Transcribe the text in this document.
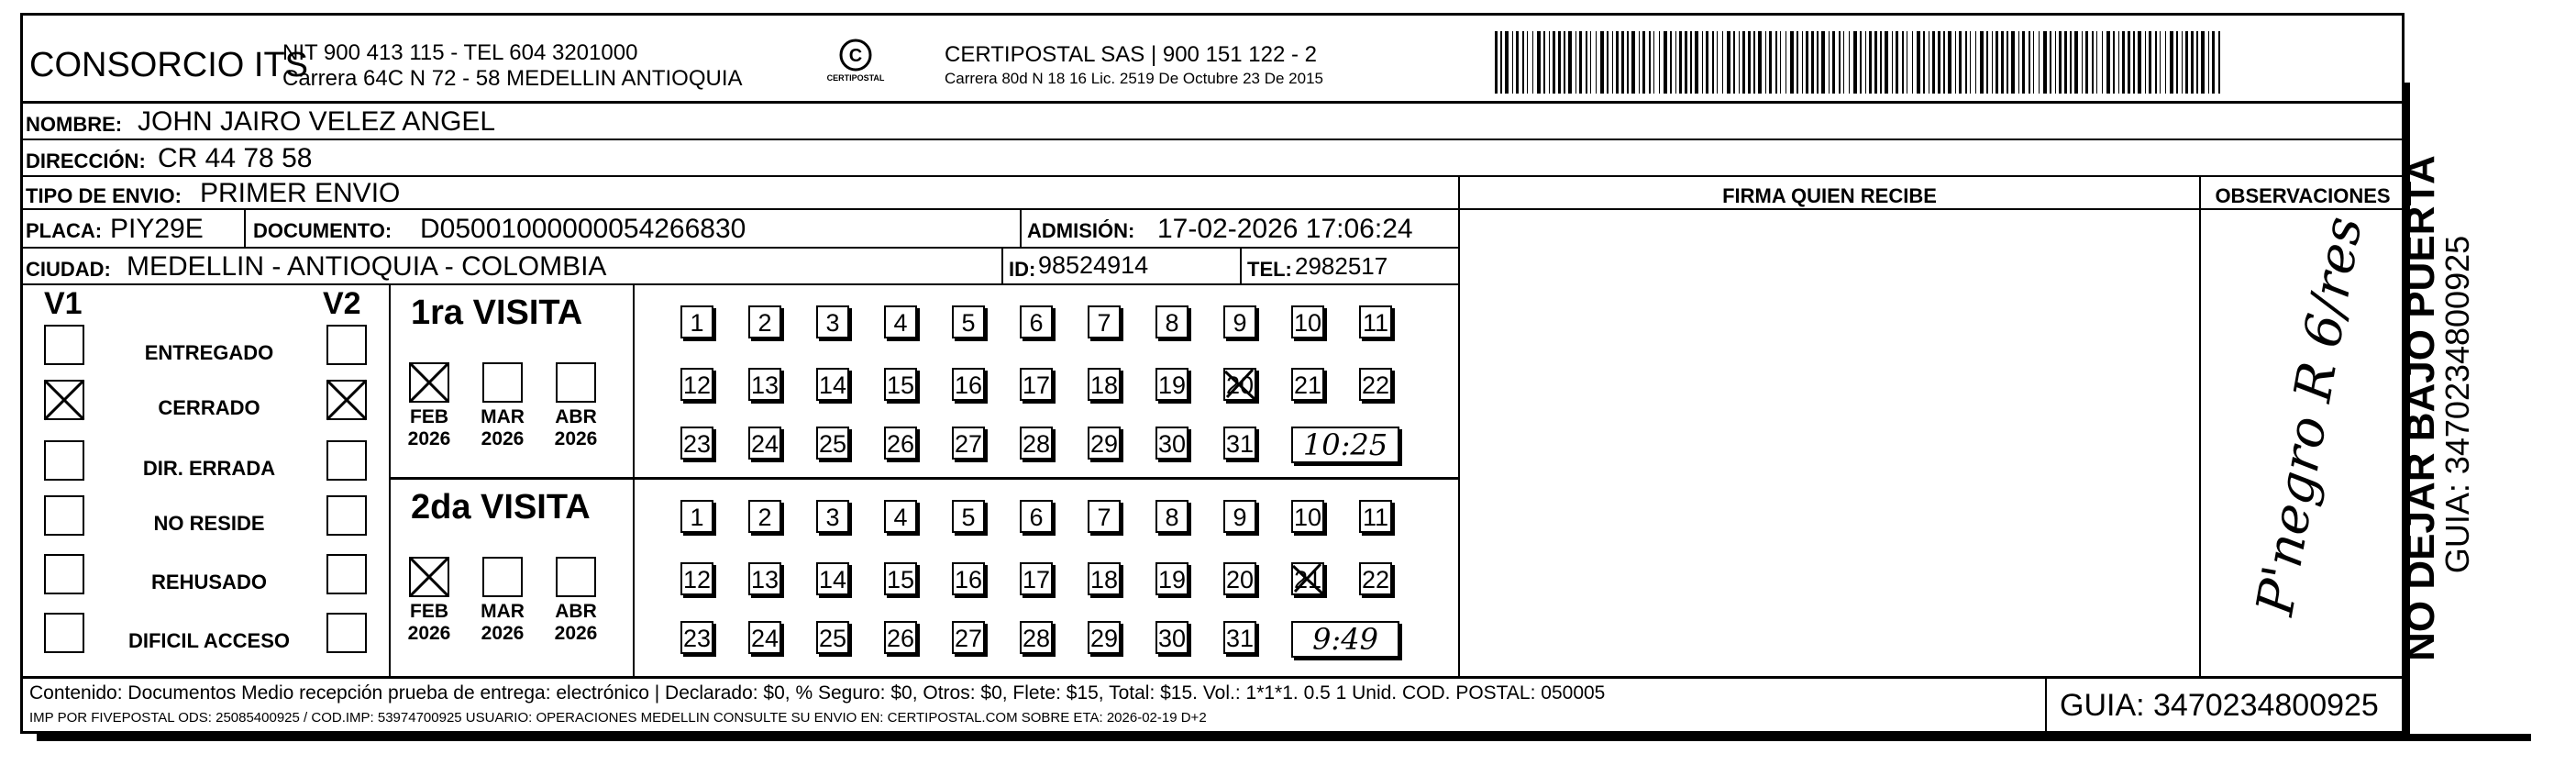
CONSORCIO ITS
NIT 900 413 115 - TEL 604 3201000
Carrera 64C N 72 - 58 MEDELLIN ANTIOQUIA
C
CERTIPOSTAL
CERTIPOSTAL SAS | 900 151 122 - 2
Carrera 80d N 18 16 Lic. 2519 De Octubre 23 De 2015
NOMBRE: JOHN JAIRO VELEZ ANGEL
DIRECCIÓN: CR 44 78 58
TIPO DE ENVIO: PRIMER ENVIO	FIRMA QUIEN RECIBE	OBSERVACIONES
PLACA: PIY29E DOCUMENTO: D05001000000054266830	ADMISIÓN: 17-02-2026 17:06:24
CIUDAD: MEDELLIN - ANTIOQUIA - COLOMBIA	ID: 98524914	TEL: 2982517
V1	V2
ENTREGADO
CERRADO
DIR. ERRADA
NO RESIDE
REHUSADO
DIFICIL ACCESO
1ra VISITA
2da VISITA
FEB
2026
MAR
2026
ABR
2026
1	2	3	4	5	6	7	8	9	10 11
12 13 14 15 16 17 18 19 20 21 22
23 24 25 26 27 28 29 30 31	10:25
FEB
2026
MAR
2026
ABR
2026
1	2	3	4	5	6	7	8	9	10 11
12 13 14 15 16 17 18 19 20 21 22
23 24 25 26 27 28 29 30 31	9:49
Contenido: Documentos Medio recepción prueba de entrega: electrónico | Declarado: $0, % Seguro: $0, Otros: $0, Flete: $15, Total: $15. Vol.: 1*1*1. 0.5 1 Unid. COD. POSTAL: 050005
IMP POR FIVEPOSTAL ODS: 25085400925 / COD.IMP: 53974700925 USUARIO: OPERACIONES MEDELLIN CONSULTE SU ENVIO EN: CERTIPOSTAL.COM SOBRE ETA: 2026-02-19 D+2	GUIA: 3470234800925
P'negro R 6/res NO DEJAR BAJO PUERTA
GUIA: 3470234800925
